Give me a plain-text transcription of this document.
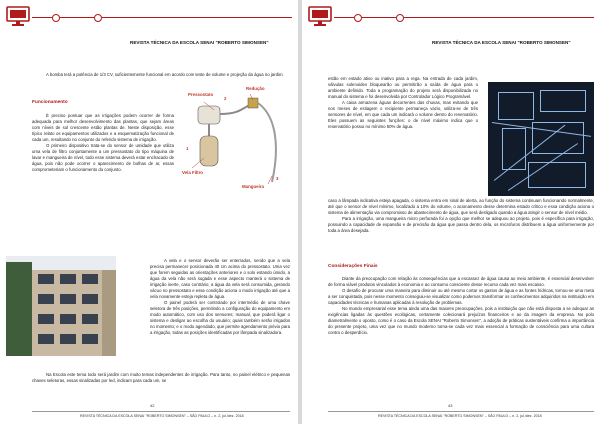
REVISTA TÉCNICA DA ESCOLA SENAI "ROBERTO SIMONSEN"

A bomba terá a potência de 1/3 CV, suficientemente funcional em acordo com teste de volume e projeção da água no jardim.

Funcionamento

É preciso pontuar que as irrigações podem ocorrer de forma adequada para melhor desenvolvimento das plantas, que sejam áreas com níveis de sol crescente estão plantas de. Neste disposição, esse típico relato os equipamentos utilizados e a esquematização funcional de cada um, resultando no conjunto do referido sistema de irrigação.

O primeiro dispositivo trata-se do sensor de umidade que utiliza uma vela de filtro conjuntamente a um pressostato do tipo máquina de lavar e mangueira de nível, todo esse sistema deverá estar enchacado de água, pois não pode ocorrer o aparecimento de bolhas de ar, essas comprometeriam o funcionamento do conjunto.

Pressostato
Redução
Vela Filtro
Mangueira
2
1
3

A vela e o sensor deverão ser enterrados, sendo que a vela precisa permanecer posicionada 40 cm acima do pressostato. Uma vez que forem seguidas as orientações anteriores e o solo estando úmido, a água da vela não será sugada e esse aspecto manterá o sistema de irrigação inerte, caso contrário, a água da vela será consumida, gerando vácuo no pressostato e esse condição aciona o modo irrigação até que a vela novamente esteja repleta de água.

O painel poderá ser controlado por intermédio de uma chave seletora de três posições, permitindo a configuração do equipamento em modo automático, com uso dos sensores; manual, que poderá ligar o sistema e desligar ao escolha do usuário; quais também serão irrigados no momento; e o modo agendado, que permite agendamento prévio para a irrigação, todas as posições identificadas por lâmpada sinalizadora.

Na Escola este tema todo será jardim com muito temas independentes de irrigação. Para tanto, no painel elétrico e pequenas chaves seletoras, essas sinalizadas por led, indicam para cada um, se

42
REVISTA TÉCNICA DA ESCOLA SENAI "ROBERTO SIMONSEN" – SÃO PAULO – n. 2, jul./dez. 2018
REVISTA TÉCNICA DA ESCOLA SENAI "ROBERTO SIMONSEN"

estão em estado ativo ou inativo para a rega. Na entrada de cada jardim, válvulas solenoides bloquearão ou permitirão a saída de água para o ambiente definido. Toda a programação do projeto será disponibilizada no manual do sistema e foi desenvolvida por Controlador Lógico Programável.

A caixa armazena águas decorrentes das chuvas, mas evitando que nos meses de estiagem o recipiente permaneça vazio, utiliza-se de três sensores de nível, em que cada um indicará o volume dentro do reservatório. Eles possuem as seguintes funções: o de nível máximo indica que o reservatório possui no mínimo 50% de água.

caso a lâmpada indicativa esteja apagada, o sistema entra em sinal de alerta, ao função do sistema continuam funcionando normalmente, até que o sensor de nível mínimo, localizado a 10% do volume, o acionamento desse determina estado crítico e essa condição aciona o sistema de alimentação via compromisso de abastecimento de água, que será desligado quando a água atingir o sensor de nível médio.

Para a irrigação, uma mangueira micro perfurada foi a opção que melhor se adequou ao projeto, pois é específica para irrigação, possuindo a capacidade de expansão e de precisão da água que passa dentro dela, os microfuros distribuem a água uniformemente por toda a área desejada.

Considerações Finais

Diante da preocupação com relação às consequências que a escassez de água causa ao meio ambiente, é essencial desenvolver de forma viável produtos vinculados à economia e ao consumo consciente desse recurso cada vez mais escasso.

O desafio de procurar uma maneira para diminuir ou até mesmo cortar os gastos de água e as fontes hídricas, tornou-se uma meta a ser conquistada, pois nesse momento conseguiu-se visualizar como podemos transformar os conhecimentos adquiridos na instituição em capacidades técnicas e humanas aplicadas à resolução de problemas.

No mundo empresarial esse tema ainda uma das maiores preocupações, pois a instituição que não está disposta a se adequar as exigências ligadas às questões ecológicas, certamente colecionará prejuízos financeiros e ao da imagem da empresa. No polo diametralmente o oposto, como é o caso da Escola SENAI "Roberto Simonsen", a adoção de práticas sustentáveis confirma a importância do presente projeto, uma vez que no mundo moderno torna-se cada vez mais essencial a formação de consciência para uma cultura contra o desperdício.

43
REVISTA TÉCNICA DA ESCOLA SENAI "ROBERTO SIMONSEN" – SÃO PAULO – n. 2, jul./dez. 2018
